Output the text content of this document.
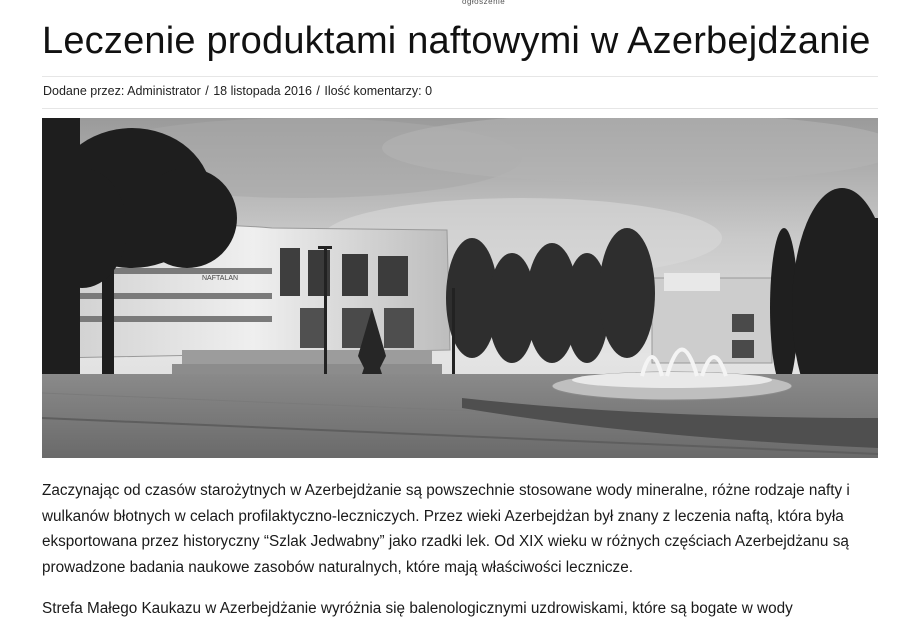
ogłoszenie
Leczenie produktami naftowymi w Azerbejdżanie
Dodane przez: Administrator / 18 listopada 2016 / Ilość komentarzy: 0
NAFTALAN

Zaczynając od czasów starożytnych w Azerbejdżanie są powszechnie stosowane wody mineralne, różne rodzaje nafty i wulkanów błotnych w celach profilaktyczno-leczniczych. Przez wieki Azerbejdżan był znany z leczenia naftą, która była eksportowana przez historyczny “Szlak Jedwabny” jako rzadki lek. Od XIX wieku w różnych częściach Azerbejdżanu są prowadzone badania naukowe zasobów naturalnych, które mają właściwości lecznicze.

Strefa Małego Kaukazu w Azerbejdżanie wyróżnia się balenologicznymi uzdrowiskami, które są bogate w wody
